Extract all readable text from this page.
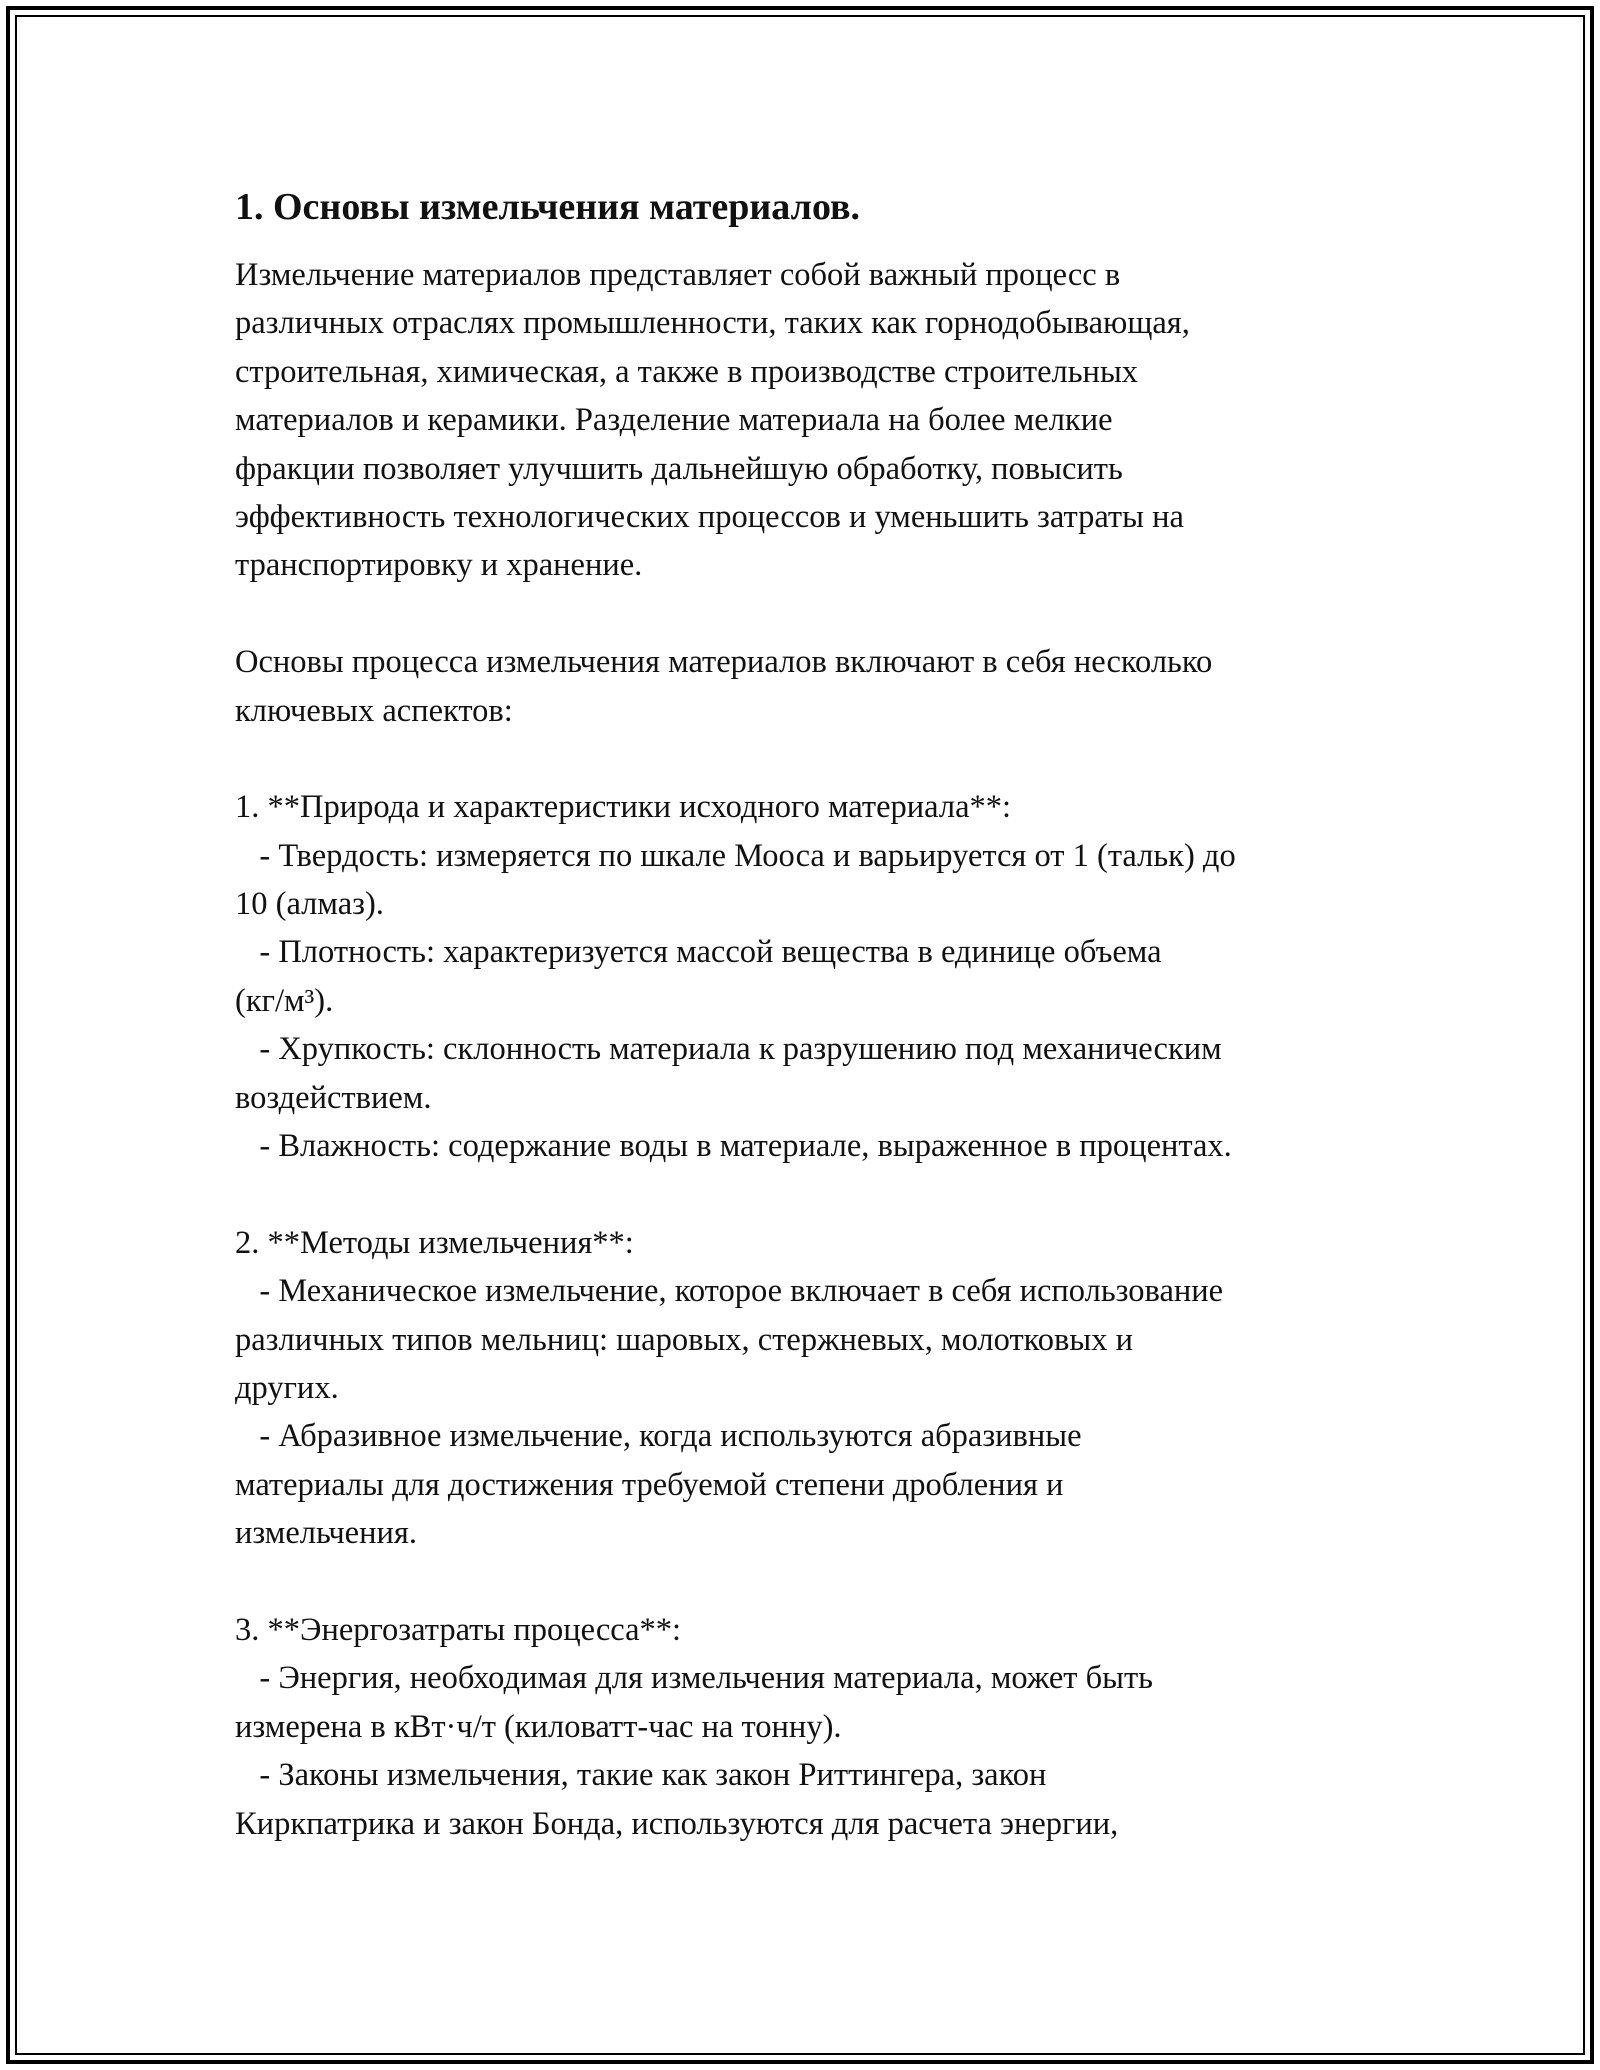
1. Основы измельчения материалов.
Измельчение материалов представляет собой важный процесс в
различных отраслях промышленности, таких как горнодобывающая,
строительная, химическая, а также в производстве строительных
материалов и керамики. Разделение материала на более мелкие
фракции позволяет улучшить дальнейшую обработку, повысить
эффективность технологических процессов и уменьшить затраты на
транспортировку и хранение.
Основы процесса измельчения материалов включают в себя несколько
ключевых аспектов:
1. **Природа и характеристики исходного материала**:
- Твердость: измеряется по шкале Мооса и варьируется от 1 (тальк) до
10 (алмаз).
- Плотность: характеризуется массой вещества в единице объема
(кг/м³).
- Хрупкость: склонность материала к разрушению под механическим
воздействием.
- Влажность: содержание воды в материале, выраженное в процентах.
2. **Методы измельчения**:
- Механическое измельчение, которое включает в себя использование
различных типов мельниц: шаровых, стержневых, молотковых и
других.
- Абразивное измельчение, когда используются абразивные
материалы для достижения требуемой степени дробления и
измельчения.
3. **Энергозатраты процесса**:
- Энергия, необходимая для измельчения материала, может быть
измерена в кВт·ч/т (киловатт-час на тонну).
- Законы измельчения, такие как закон Риттингера, закон
Киркпатрика и закон Бонда, используются для расчета энергии,
